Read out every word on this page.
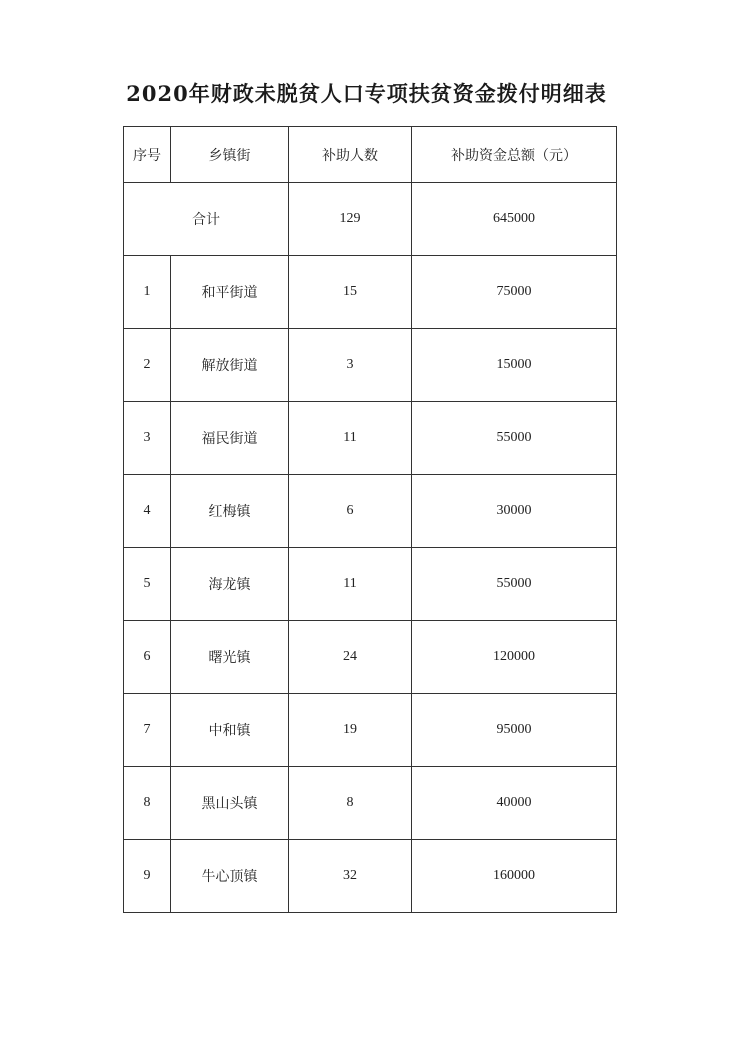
2020年财政未脱贫人口专项扶贫资金拨付明细表
序号	乡镇街	补助人数	补助资金总额（元）
合计		129	645000
1	和平街道	15	75000
2	解放街道	3	15000
3	福民街道	11	55000
4	红梅镇	6	30000
5	海龙镇	11	55000
6	曙光镇	24	120000
7	中和镇	19	95000
8	黑山头镇	8	40000
9	牛心顶镇	32	160000
